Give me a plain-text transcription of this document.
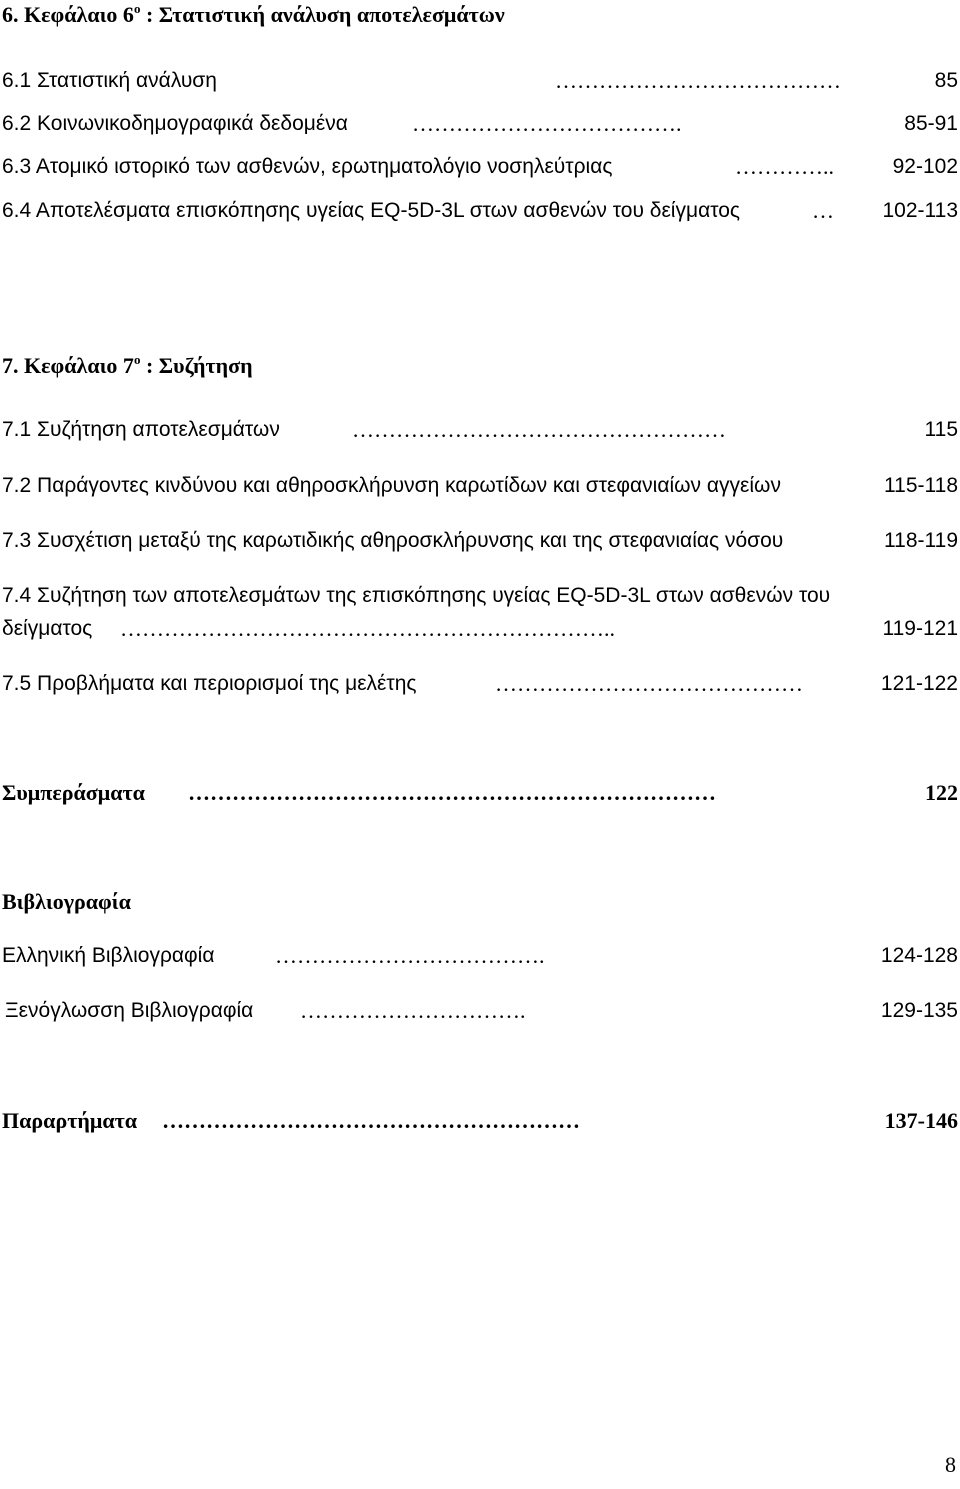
6. Κεφάλαιο $6^o$ : Στατιστική ανάλυση αποτελεσμάτων
6.1 Στατιστική ανάλυση	…………………………………	85
6.2 Κοινωνικοδημογραφικά δεδομένα	……………………………….	85-91
6.3 Ατομικό ιστορικό των ασθενών, ερωτηματολόγιο νοσηλεύτριας	…………..	92-102
6.4 Αποτελέσματα επισκόπησης υγείας EQ-5D-3L στων ασθενών του δείγματος	… 102-113
7. Κεφάλαιο $7^o$ : Συζήτηση
7.1 Συζήτηση αποτελεσμάτων	……………………………………………	115
7.2 Παράγοντες κινδύνου και αθηροσκλήρυνση καρωτίδων και στεφανιαίων αγγείων	115-118
7.3 Συσχέτιση μεταξύ της καρωτιδικής αθηροσκλήρυνσης και της στεφανιαίας νόσου	118-119
7.4 Συζήτηση των αποτελεσμάτων της επισκόπησης υγείας EQ-5D-3L στων ασθενών του
δείγματος …………………………………………………………..	119-121
7.5 Προβλήματα και περιορισμοί της μελέτης	……………………………………	121-122
Συμπεράσματα ………………………………………………………………	122
Βιβλιογραφία
Ελληνική Βιβλιογραφία	……………………………….	124-128
Ξενόγλωσση Βιβλιογραφία ………………………….	129-135
Παραρτήματα …………………………………………………	137-146
8
